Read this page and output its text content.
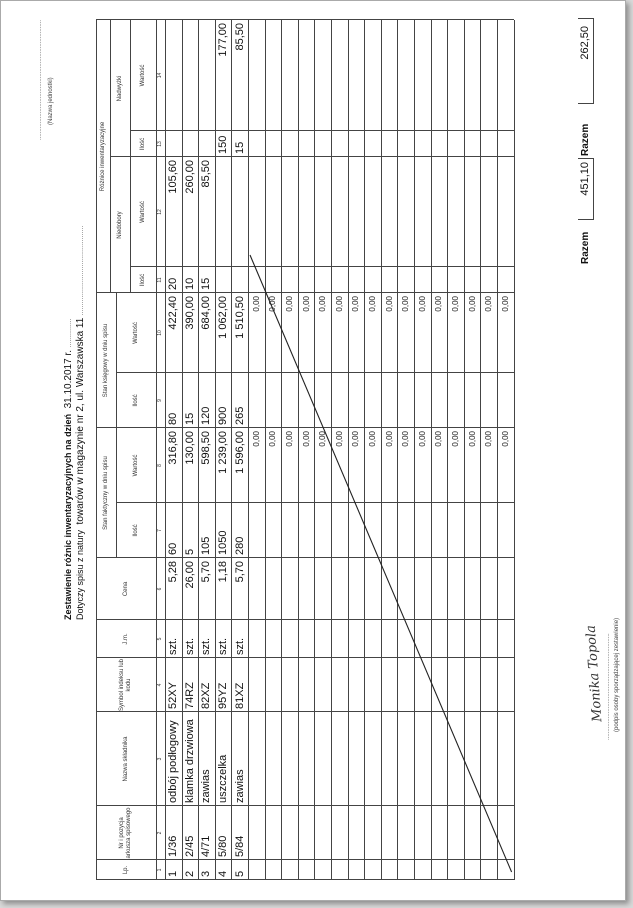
........................................................................ (Nazwa jednostki)
Zestawienie różnic inwentaryzacyjnych na dzień 31.10.2017 r. ...............
Dotyczy spisu z natury towarów w magazynie nr 2, ul. Warszawska 11 ..............................................
Lp.
Nr i pozycja arkusza spisowego
Nazwa składnika
Symbol indeksu lub kodu
J.m.
Cena
Stan faktyczny w dniu spisu
Stan księgowy w dniu spisu
Różnice inwentaryzacyjne
Niedobory
Nadwyżki
Ilość
Wartość
Ilość
Wartość
Ilość
Wartość
Ilość
Wartość
1
2
3
4
5
6
7
8
9
10
11
12
13
14
1
1/36
odbój podłogowy
52XY
szt.
5,28
60
316,80
80
422,40
20
105,60
2
2/45
klamka drzwiowa
74RZ
szt.
26,00
5
130,00
15
390,00
10
260,00
3
4/71
zawias
82XZ
szt.
5,70
105
598,50
120
684,00
15
85,50
4
5/80
uszczelka
95YZ
szt.
1,18
1050
1 239,00
900
1 062,00
150
177,00
5
5/84
zawias
81XZ
szt.
5,70
280
1 596,00
265
1 510,50
15
85,50
0,00
0,00
0,00
0,00
0,00
0,00
0,00
0,00
0,00
0,00
0,00
0,00
0,00
0,00
0,00
0,00
0,00
0,00
0,00
0,00
0,00
0,00
0,00
0,00
0,00
0,00
0,00
0,00
0,00
0,00
0,00
0,00
Razem
451,10
Razem
262,50
Monika Topola ................................................................ (podpis osoby sporządzającej zestawienie)
